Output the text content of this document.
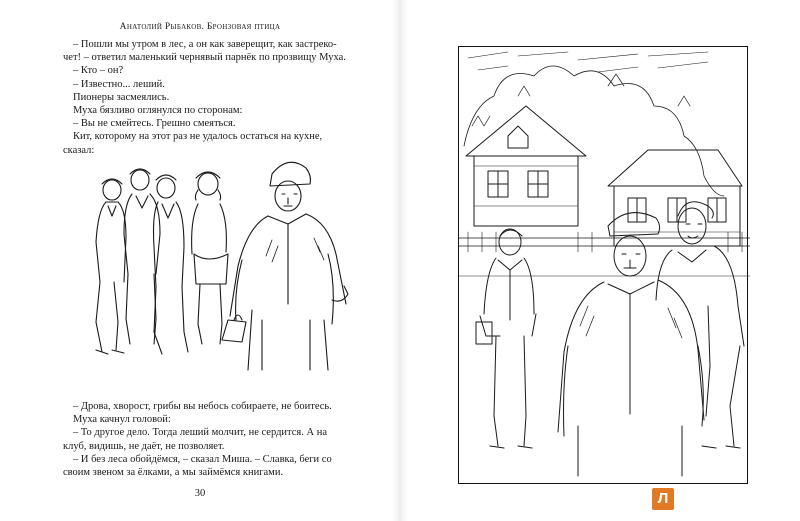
Анатолий Рыбаков. Бронзовая птица
– Пошли мы утром в лес, а он как заверещит, как застреко-
чет! – ответил маленький чернявый парнёк по прозвищу Муха.
– Кто – он?
– Известно... леший.
Пионеры засмеялись.
Муха бязливо оглянулся по сторонам:
– Вы не смейтесь. Грешно смеяться.
Кит, которому на этот раз не удалось остаться на кухне,
сказал:
– Дрова, хворост, грибы вы небось собираете, не боитесь.
Муха качнул головой:
– То другое дело. Тогда леший молчит, не сердится. А на
клуб, видишь, не даёт, не позволяет.
– И без леса обойдёмся, – сказал Миша. – Славка, беги со
своим звеном за ёлками, а мы займёмся книгами.
30	Л
